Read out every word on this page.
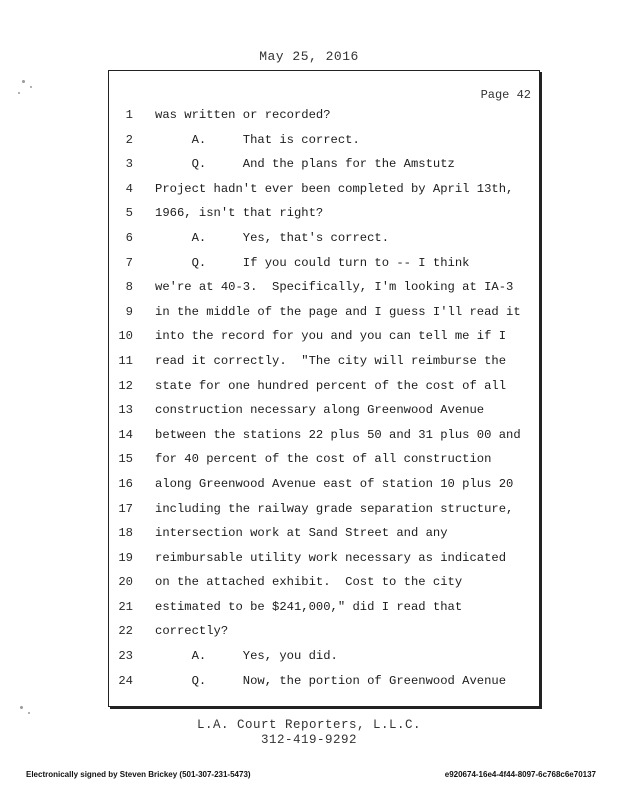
May 25, 2016
Page 42
1 was written or recorded?
2 A.     That is correct.
3 Q.     And the plans for the Amstutz
4 Project hadn't ever been completed by April 13th,
5 1966, isn't that right?
6 A.     Yes, that's correct.
7 Q.     If you could turn to -- I think
8 we're at 40-3.  Specifically, I'm looking at IA-3
9 in the middle of the page and I guess I'll read it
10 into the record for you and you can tell me if I
11 read it correctly.  "The city will reimburse the
12 state for one hundred percent of the cost of all
13 construction necessary along Greenwood Avenue
14 between the stations 22 plus 50 and 31 plus 00 and
15 for 40 percent of the cost of all construction
16 along Greenwood Avenue east of station 10 plus 20
17 including the railway grade separation structure,
18 intersection work at Sand Street and any
19 reimbursable utility work necessary as indicated
20 on the attached exhibit.  Cost to the city
21 estimated to be $241,000," did I read that
22 correctly?
23 A.     Yes, you did.
24 Q.     Now, the portion of Greenwood Avenue
L.A. Court Reporters, L.L.C.
312-419-9292
Electronically signed by Steven Brickey (501-307-231-5473)	e920674-16e4-4f44-8097-6c768c6e70137
